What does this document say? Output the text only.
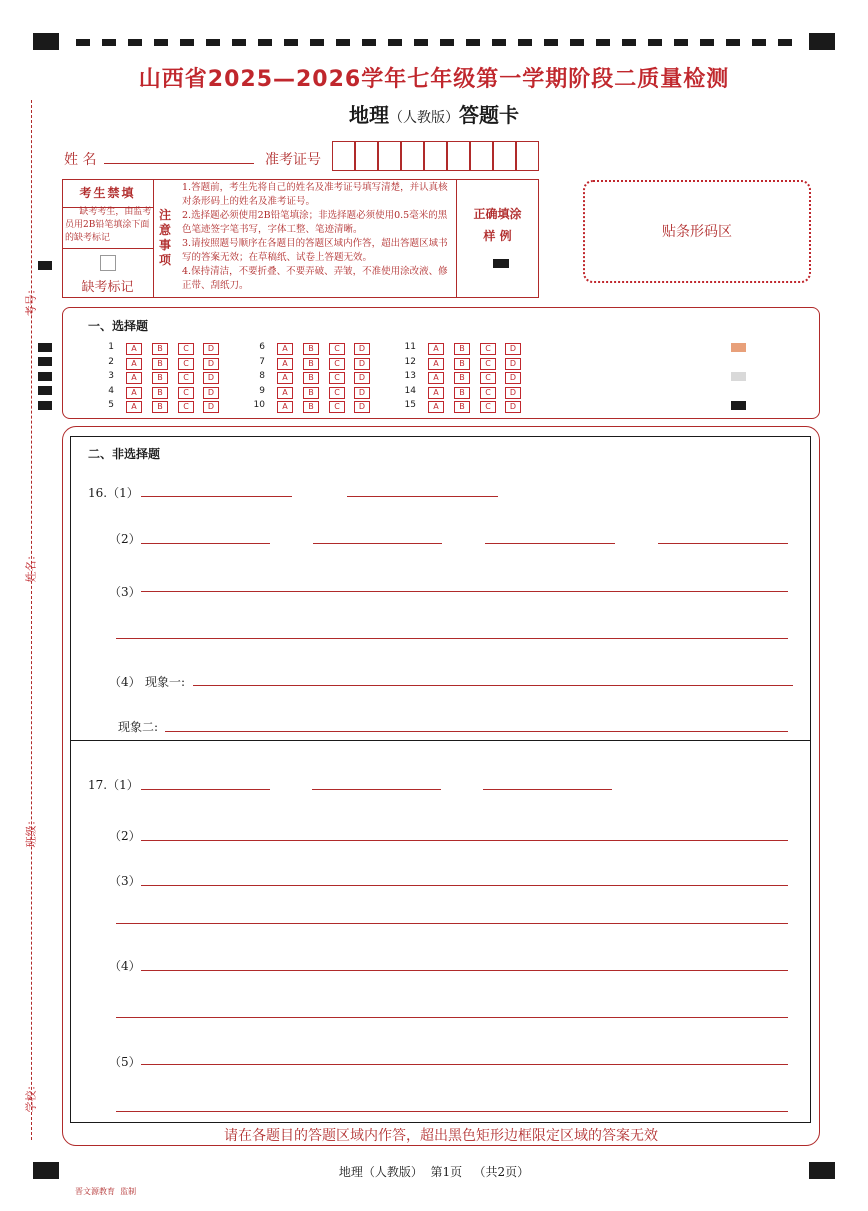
考号：
姓名：
班级：
学校：
山西省2025—2026学年七年级第一学期阶段二质量检测
地理（人教版）答题卡
姓 名	准考证号
考生禁填
缺考考生，由监考员用2B铅笔填涂下面的缺考标记
缺考标记
注意事项
1.答题前，考生先将自己的姓名及准考证号填写清楚，并认真核对条形码上的姓名及准考证号。
2.选择题必须使用2B铅笔填涂；非选择题必须使用0.5毫米的黑色笔迹签字笔书写，字体工整、笔迹清晰。
3.请按照题号顺序在各题目的答题区域内作答，超出答题区域书写的答案无效；在草稿纸、试卷上答题无效。
4.保持清洁，不要折叠、不要弄破、弄皱，不准使用涂改液、修正带、刮纸刀。
正确填涂
样 例	贴条形码区
一、选择题
二、非选择题
16.（1）
（2）
（3）
（4） 现象一:
现象二:
17.（1）
（2）
（3）
（4）
（5）
请在各题目的答题区域内作答，超出黑色矩形边框限定区域的答案无效
地理（人教版）  第1页   （共2页）
晋文源教育  监制
1	A	B	C	D
2	A	B	C	D
3	A	B	C	D
4	A	B	C	D
5	A	B	C	D
6	A	B	C	D
7	A	B	C	D
8	A	B	C	D
9	A	B	C	D
10	A	B	C	D
11	A	B	C	D
12	A	B	C	D
13	A	B	C	D
14	A	B	C	D
15	A	B	C	D
